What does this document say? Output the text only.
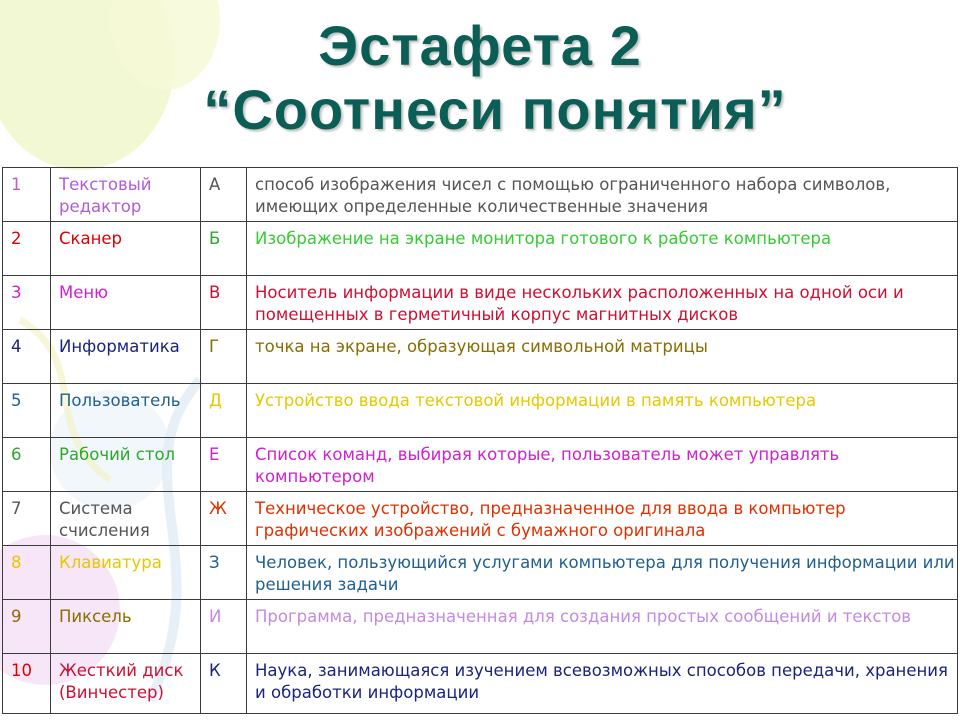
Эстафета 2
“Соотнеси понятия”
1	Текстовый редактор	А	способ изображения чисел с помощью ограниченного набора символов, имеющих определенные количественные значения
2	Сканер	Б	Изображение на экране монитора готового к работе компьютера
3	Меню	В	Носитель информации в виде нескольких расположенных на одной оси и помещенных в герметичный корпус магнитных дисков
4	Информатика	Г	точка на экране, образующая символьной матрицы
5	Пользователь	Д	Устройство ввода текстовой информации в память компьютера
6	Рабочий стол	Е	Список команд, выбирая которые, пользователь может управлять компьютером
7	Система счисления	Ж	Техническое устройство, предназначенное для ввода в компьютер графических изображений с бумажного оригинала
8	Клавиатура	З	Человек, пользующийся услугами компьютера для получения информации или решения задачи
9	Пиксель	И	Программа, предназначенная для создания простых сообщений и текстов
10	Жесткий диск (Винчестер)	К	Наука, занимающаяся изучением всевозможных способов передачи, хранения и обработки информации
